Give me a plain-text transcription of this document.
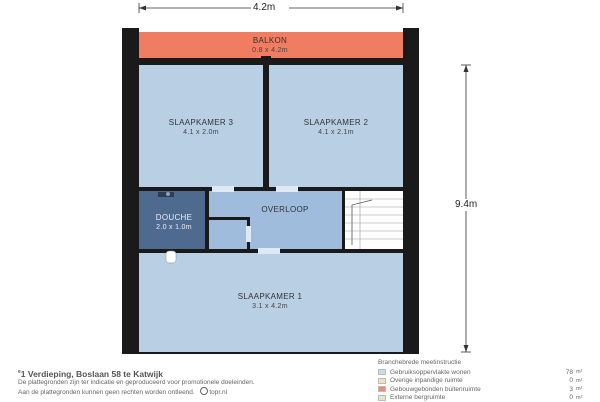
4.2m
9.4m
BALKON
0.8 x 4.2m
SLAAPKAMER 3
4.1 x 2.0m
SLAAPKAMER 2
4.1 x 2.1m
DOUCHE
2.0 x 1.0m
OVERLOOP
SLAAPKAMER 1
3.1 x 4.2m
$^e$1 Verdieping, Boslaan 58 te Katwijk
De plattegronden zijn ter indicatie en geproduceerd voor promotionele doeleinden.
Aan de plattegronden kunnen geen rechten worden ontleend. topr.nl
Branchebrede meetinstructie
Gebruiksoppervlakte wonen	78 m²
Overige inpandige ruimte	0 m²
Gebouwgebonden buitenruimte	3 m²
Externe bergruimte	0 m²
